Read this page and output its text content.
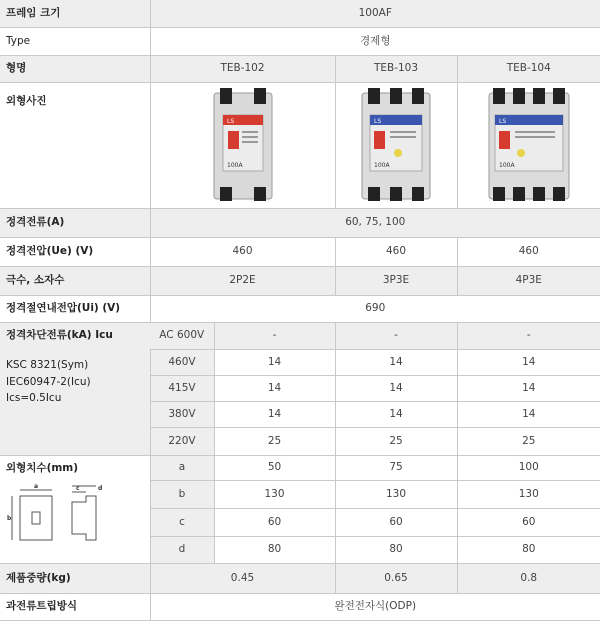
프레임 크기	100AF			
Type	경제형			
형명	TEB-102		TEB-103	TEB-104
외형사진	LS
100A		LS
100A	LS
100A

정격전류(A)	60, 75, 100			
정격전압(Ue) (V)	460		460	460
극수, 소자수	2P2E		3P3E	4P3E
정격절연내전압(Ui) (V)	690			
정격차단전류(kA) Icu
KSC 8321(Sym)
IEC60947-2(Icu)
Ics=0.5Icu	AC 600V	-	-	-
	460V	14	14	14
	415V	14	14	14
	380V	14	14	14
	220V	25	25	25
외형치수(mm)
a
b
c d	a	50	75	100
	b	130	130	130
	c	60	60	60
	d	80	80	80
제품중량(kg)	0.45		0.65	0.8
과전류트립방식	완전전자식(ODP)			
